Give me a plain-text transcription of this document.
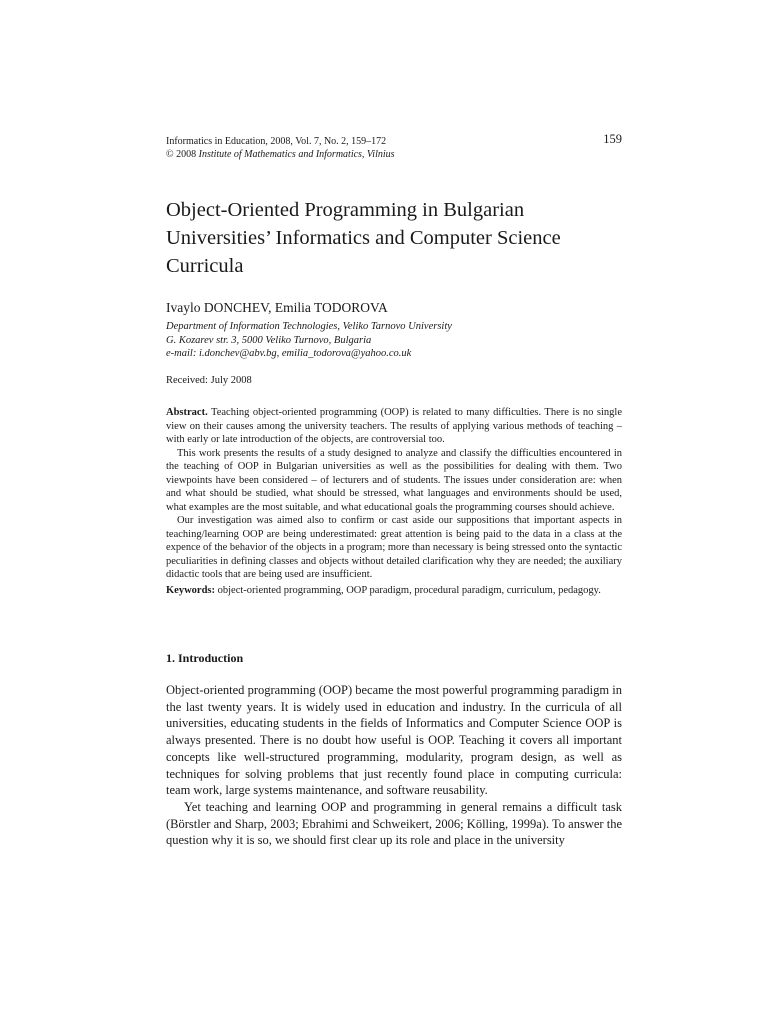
Informatics in Education, 2008, Vol. 7, No. 2, 159–172
© 2008 Institute of Mathematics and Informatics, Vilnius
159
Object-Oriented Programming in Bulgarian
Universities’ Informatics and Computer Science
Curricula
Ivaylo DONCHEV, Emilia TODOROVA
Department of Information Technologies, Veliko Tarnovo University
G. Kozarev str. 3, 5000 Veliko Turnovo, Bulgaria
e-mail: i.donchev@abv.bg, emilia_todorova@yahoo.co.uk
Received: July 2008

Abstract. Teaching object-oriented programming (OOP) is related to many difficulties. There is no single view on their causes among the university teachers. The results of applying various methods of teaching – with early or late introduction of the objects, are controversial too.

This work presents the results of a study designed to analyze and classify the difficulties encountered in the teaching of OOP in Bulgarian universities as well as the possibilities for dealing with them. Two viewpoints have been considered – of lecturers and of students. The issues under consideration are: when and what should be studied, what should be stressed, what languages and environments should be used, what examples are the most suitable, and what educational goals the programming courses should achieve.

Our investigation was aimed also to confirm or cast aside our suppositions that important aspects in teaching/learning OOP are being underestimated: great attention is being paid to the data in a class at the expence of the behavior of the objects in a program; more than necessary is being stressed onto the syntactic peculiarities in defining classes and objects without detailed clarification why they are needed; the auxiliary didactic tools that are being used are insufficient.

Keywords: object-oriented programming, OOP paradigm, procedural paradigm, curriculum, pedagogy.

1. Introduction

Object-oriented programming (OOP) became the most powerful programming paradigm in the last twenty years. It is widely used in education and industry. In the curricula of all universities, educating students in the fields of Informatics and Computer Science OOP is always presented. There is no doubt how useful is OOP. Teaching it covers all important concepts like well-structured programming, modularity, program design, as well as techniques for solving problems that just recently found place in computing curricula: team work, large systems maintenance, and software reusability.

Yet teaching and learning OOP and programming in general remains a difficult task (Börstler and Sharp, 2003; Ebrahimi and Schweikert, 2006; Kölling, 1999a). To answer the question why it is so, we should first clear up its role and place in the university
